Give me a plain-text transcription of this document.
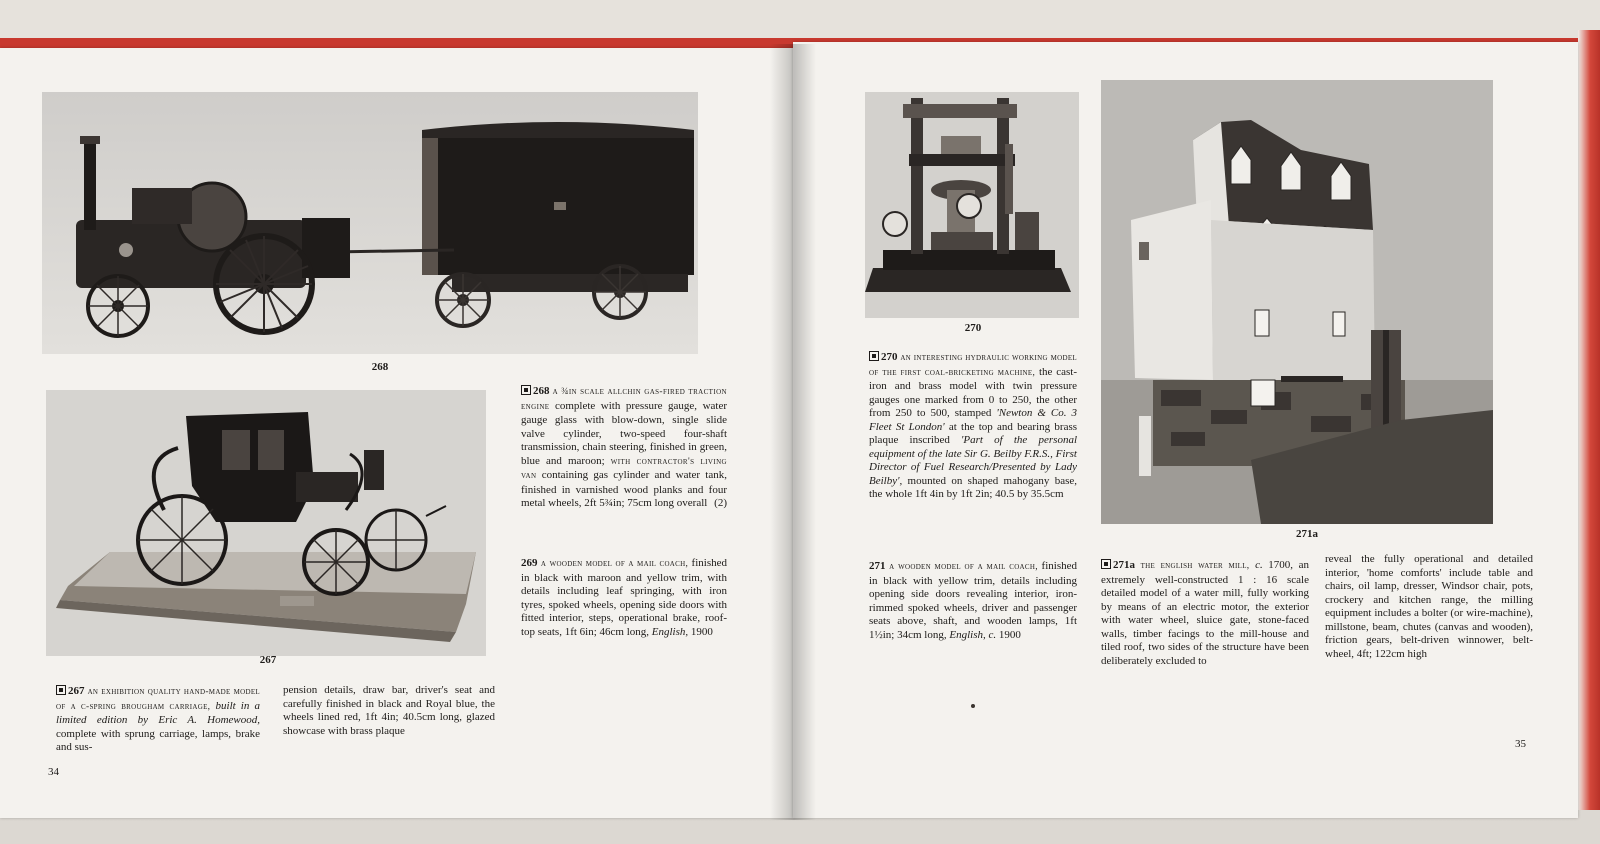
268
267
268 a ¾in scale allchin gas-fired traction engine complete with pressure gauge, water gauge glass with blow-down, single slide valve cylinder, two-speed four-shaft transmission, chain steering, finished in green, blue and maroon; with contractor's living van containing gas cylinder and water tank, finished in varnished wood planks and four metal wheels, 2ft 5¾in; 75cm long overall (2)
269 a wooden model of a mail coach, finished in black with maroon and yellow trim, with details including leaf springing, with iron tyres, spoked wheels, opening side doors with fitted interior, steps, operational brake, roof-top seats, 1ft 6in; 46cm long, English, 1900
267 an exhibition quality hand-made model of a c-spring brougham carriage, built in a limited edition by Eric A. Homewood, complete with sprung carriage, lamps, brake and sus-
pension details, draw bar, driver's seat and carefully finished in black and Royal blue, the wheels lined red, 1ft 4in; 40.5cm long, glazed showcase with brass plaque
34
270
271a
270 an interesting hydraulic working model of the first coal-bricketing machine, the cast-iron and brass model with twin pressure gauges one marked from 0 to 250, the other from 250 to 500, stamped 'Newton & Co. 3 Fleet St London' at the top and bearing brass plaque inscribed 'Part of the personal equipment of the late Sir G. Beilby F.R.S., First Director of Fuel Research/Presented by Lady Beilby', mounted on shaped mahogany base, the whole 1ft 4in by 1ft 2in; 40.5 by 35.5cm
271 a wooden model of a mail coach, finished in black with yellow trim, details including opening side doors revealing interior, iron-rimmed spoked wheels, driver and passenger seats above, shaft, and wooden lamps, 1ft 1½in; 34cm long, English, c. 1900
271a the english water mill, c. 1700, an extremely well-constructed 1 : 16 scale detailed model of a water mill, fully working by means of an electric motor, the exterior with water wheel, sluice gate, stone-faced walls, timber facings to the mill-house and tiled roof, two sides of the structure have been deliberately excluded to
reveal the fully operational and detailed interior, 'home comforts' include table and chairs, oil lamp, dresser, Windsor chair, pots, crockery and kitchen range, the milling equipment includes a bolter (or wire-machine), millstone, beam, chutes (canvas and wooden), friction gears, belt-driven winnower, belt-wheel, 4ft; 122cm high
35
